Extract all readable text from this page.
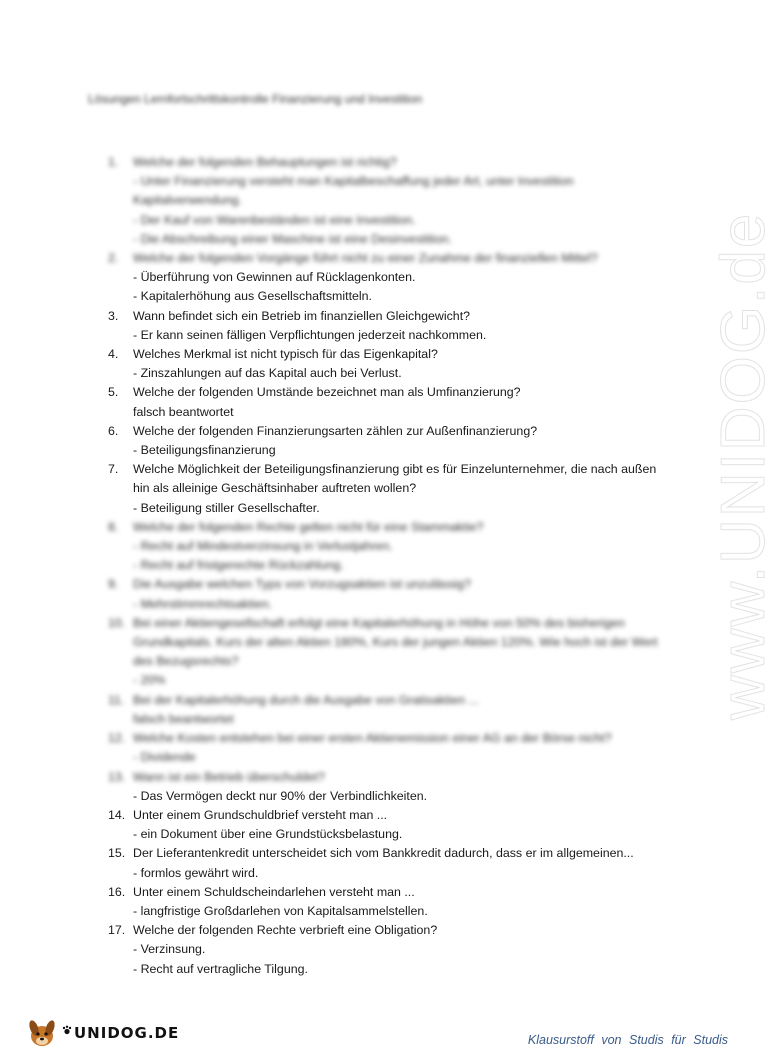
Lösungen Lernfortschrittskontrolle Finanzierung und Investition
1.	Welche der folgenden Behauptungen ist richtig?
- Unter Finanzierung versteht man Kapitalbeschaffung jeder Art, unter Investition Kapitalverwendung.
- Der Kauf von Warenbeständen ist eine Investition.
- Die Abschreibung einer Maschine ist eine Desinvestition.
2.	Welche der folgenden Vorgänge führt nicht zu einer Zunahme der finanziellen Mittel?
- Überführung von Gewinnen auf Rücklagenkonten.
- Kapitalerhöhung aus Gesellschaftsmitteln.
3.	Wann befindet sich ein Betrieb im finanziellen Gleichgewicht?
- Er kann seinen fälligen Verpflichtungen jederzeit nachkommen.
4.	Welches Merkmal ist nicht typisch für das Eigenkapital?
- Zinszahlungen auf das Kapital auch bei Verlust.
5.	Welche der folgenden Umstände bezeichnet man als Umfinanzierung?
falsch beantwortet
6.	Welche der folgenden Finanzierungsarten zählen zur Außenfinanzierung?
- Beteiligungsfinanzierung
7.	Welche Möglichkeit der Beteiligungsfinanzierung gibt es für Einzelunternehmer, die nach außen hin als alleinige Geschäftsinhaber auftreten wollen?
- Beteiligung stiller Gesellschafter.
8.	Welche der folgenden Rechte gelten nicht für eine Stammaktie?
- Recht auf Mindestverzinsung in Verlustjahren.
- Recht auf fristgerechte Rückzahlung.
9.	Die Ausgabe welchen Typs von Vorzugsaktien ist unzulässig?
- Mehrstimmrechtsaktien.
10. Bei einer Aktiengesellschaft erfolgt eine Kapitalerhöhung in Höhe von 50% des bisherigen Grundkapitals. Kurs der alten Aktien 180%, Kurs der jungen Aktien 120%. Wie hoch ist der Wert des Bezugsrechts?
- 20%
11. Bei der Kapitalerhöhung durch die Ausgabe von Gratisaktien ...
falsch beantwortet
12. Welche Kosten entstehen bei einer ersten Aktienemission einer AG an der Börse nicht?
- Dividende
13. Wann ist ein Betrieb überschuldet?
- Das Vermögen deckt nur 90% der Verbindlichkeiten.
14. Unter einem Grundschuldbrief versteht man ...
- ein Dokument über eine Grundstücksbelastung.
15. Der Lieferantenkredit unterscheidet sich vom Bankkredit dadurch, dass er im allgemeinen...
- formlos gewährt wird.
16. Unter einem Schuldscheindarlehen versteht man ...
- langfristige Großdarlehen von Kapitalsammelstellen.
17. Welche der folgenden Rechte verbrieft eine Obligation?
- Verzinsung.
- Recht auf vertragliche Tilgung.
www.UNIDOG.de
UNIDOG.DE	Klausurstoff von Studis für Studis
